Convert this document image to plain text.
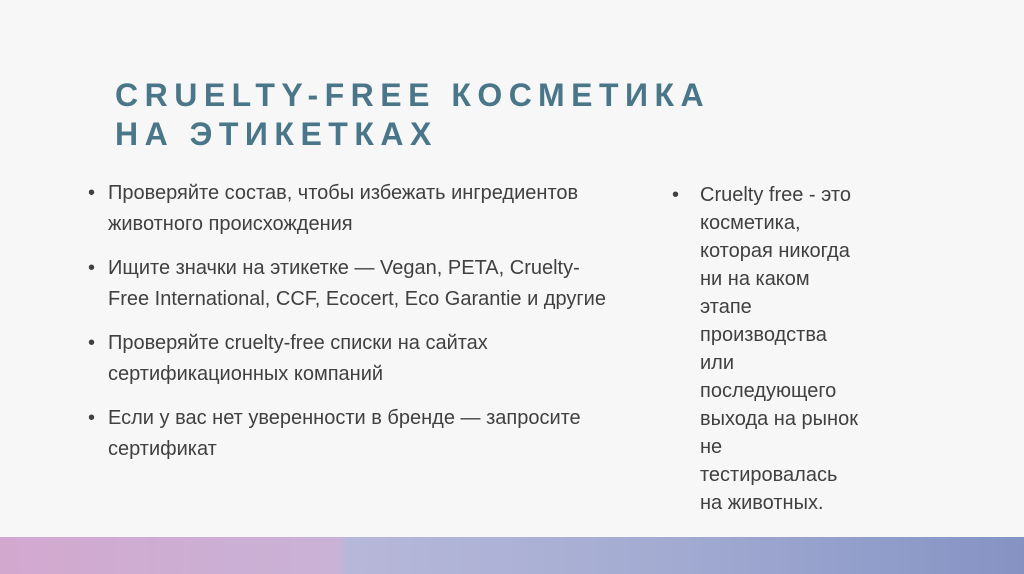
CRUELTY-FREE КОСМЕТИКА
НА ЭТИКЕТКАХ
• Проверяйте состав, чтобы избежать ингредиентов животного происхождения
• Ищите значки на этикетке — Vegan, PETA, Cruelty-Free International, CCF, Ecocert, Eco Garantie и другие
• Проверяйте cruelty-free списки на сайтах сертификационных компаний
• Если у вас нет уверенности в бренде — запросите сертификат
• Cruelty free - это
косметика,
которая никогда
ни на каком
этапе
производства
или
последующего
выхода на рынок
не
тестировалась
на животных.
